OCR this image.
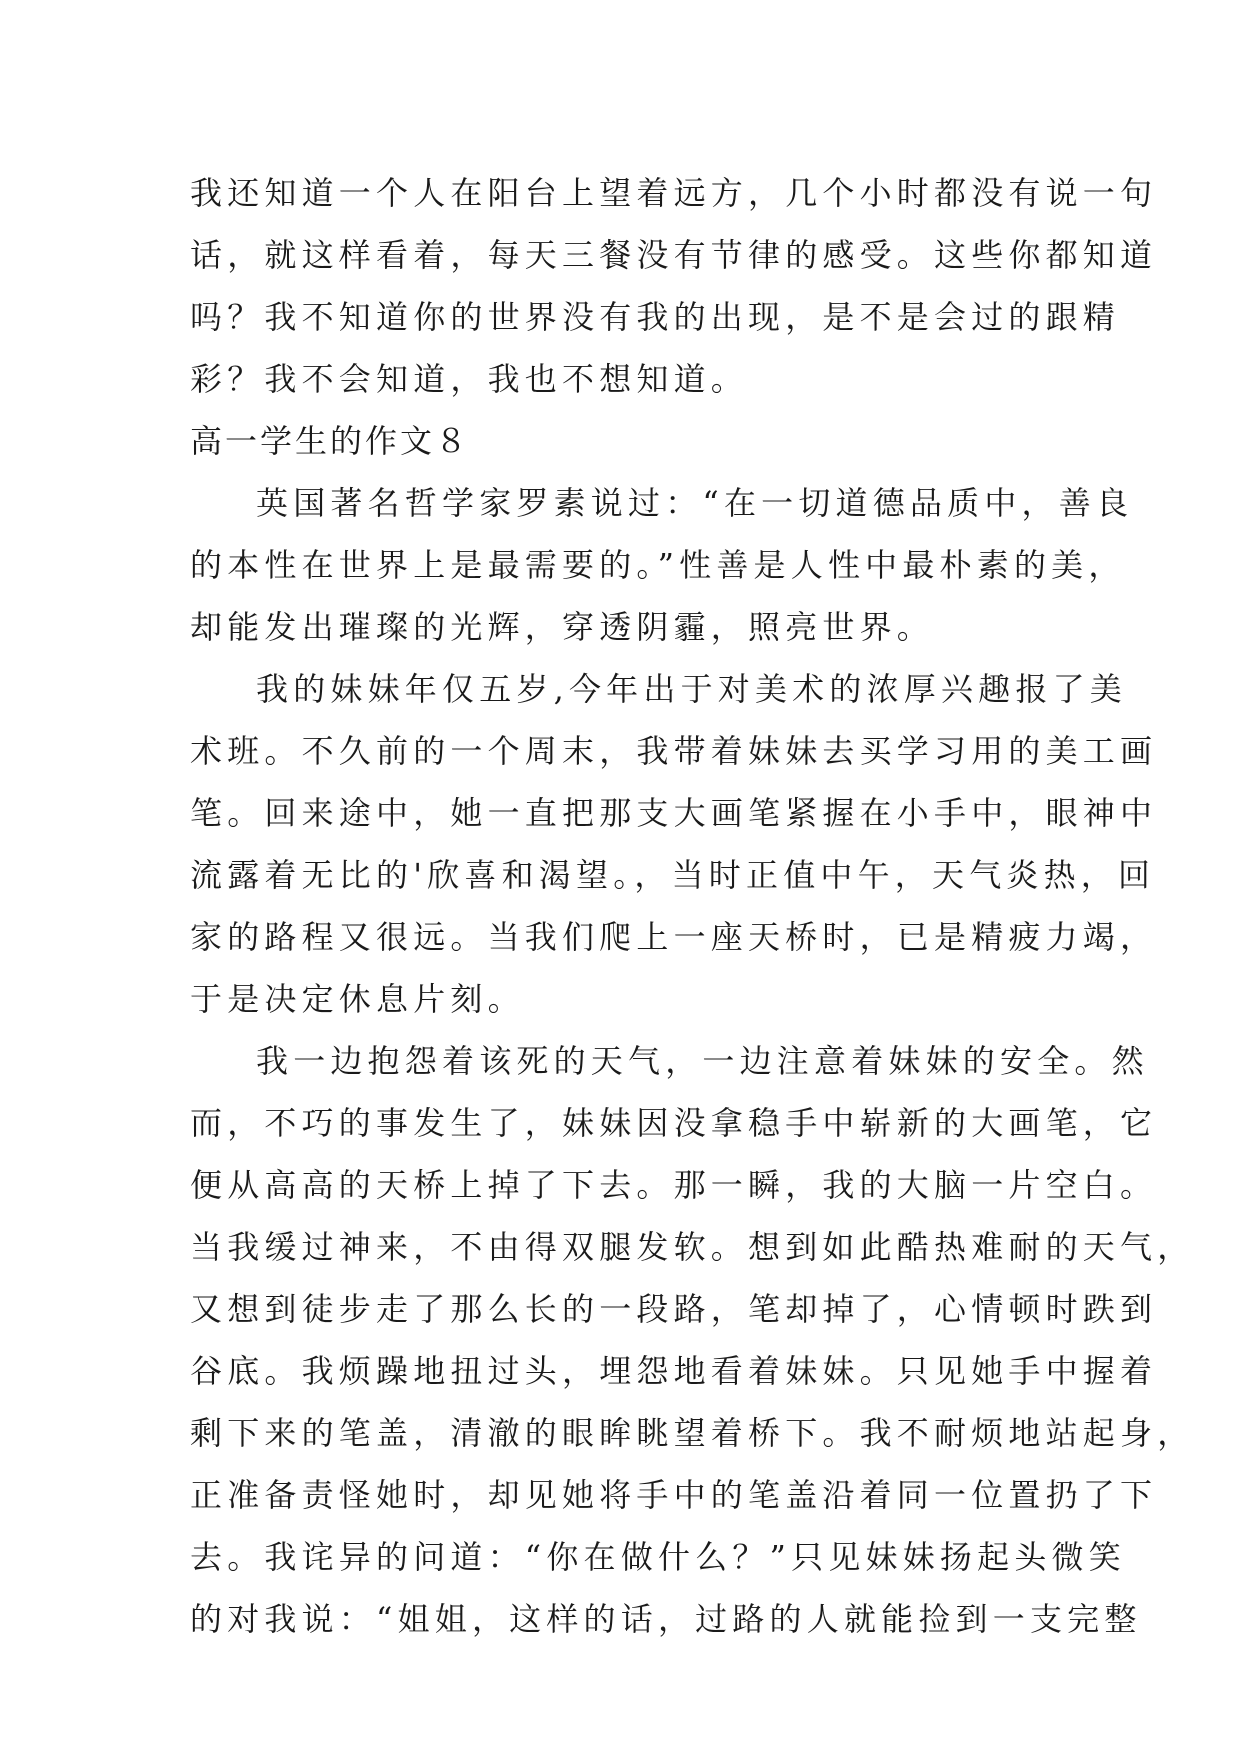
我还知道一个人在阳台上望着远方，几个小时都没有说一句
话，就这样看着，每天三餐没有节律的感受。这些你都知道
吗？我不知道你的世界没有我的出现，是不是会过的跟精
彩？我不会知道，我也不想知道。
高一学生的作文８
英国著名哲学家罗素说过：“在一切道德品质中，善良
的本性在世界上是最需要的。”性善是人性中最朴素的美，
却能发出璀璨的光辉，穿透阴霾，照亮世界。
我的妹妹年仅五岁,今年出于对美术的浓厚兴趣报了美
术班。不久前的一个周末，我带着妹妹去买学习用的美工画
笔。回来途中，她一直把那支大画笔紧握在小手中，眼神中
流露着无比的'欣喜和渴望。，当时正值中午，天气炎热，回
家的路程又很远。当我们爬上一座天桥时，已是精疲力竭，
于是决定休息片刻。
我一边抱怨着该死的天气，一边注意着妹妹的安全。然
而，不巧的事发生了，妹妹因没拿稳手中崭新的大画笔，它
便从高高的天桥上掉了下去。那一瞬，我的大脑一片空白。
当我缓过神来，不由得双腿发软。想到如此酷热难耐的天气，
又想到徒步走了那么长的一段路，笔却掉了，心情顿时跌到
谷底。我烦躁地扭过头，埋怨地看着妹妹。只见她手中握着
剩下来的笔盖，清澈的眼眸眺望着桥下。我不耐烦地站起身，
正准备责怪她时，却见她将手中的笔盖沿着同一位置扔了下
去。我诧异的问道：“你在做什么？”只见妹妹扬起头微笑
的对我说：“姐姐，这样的话，过路的人就能捡到一支完整
